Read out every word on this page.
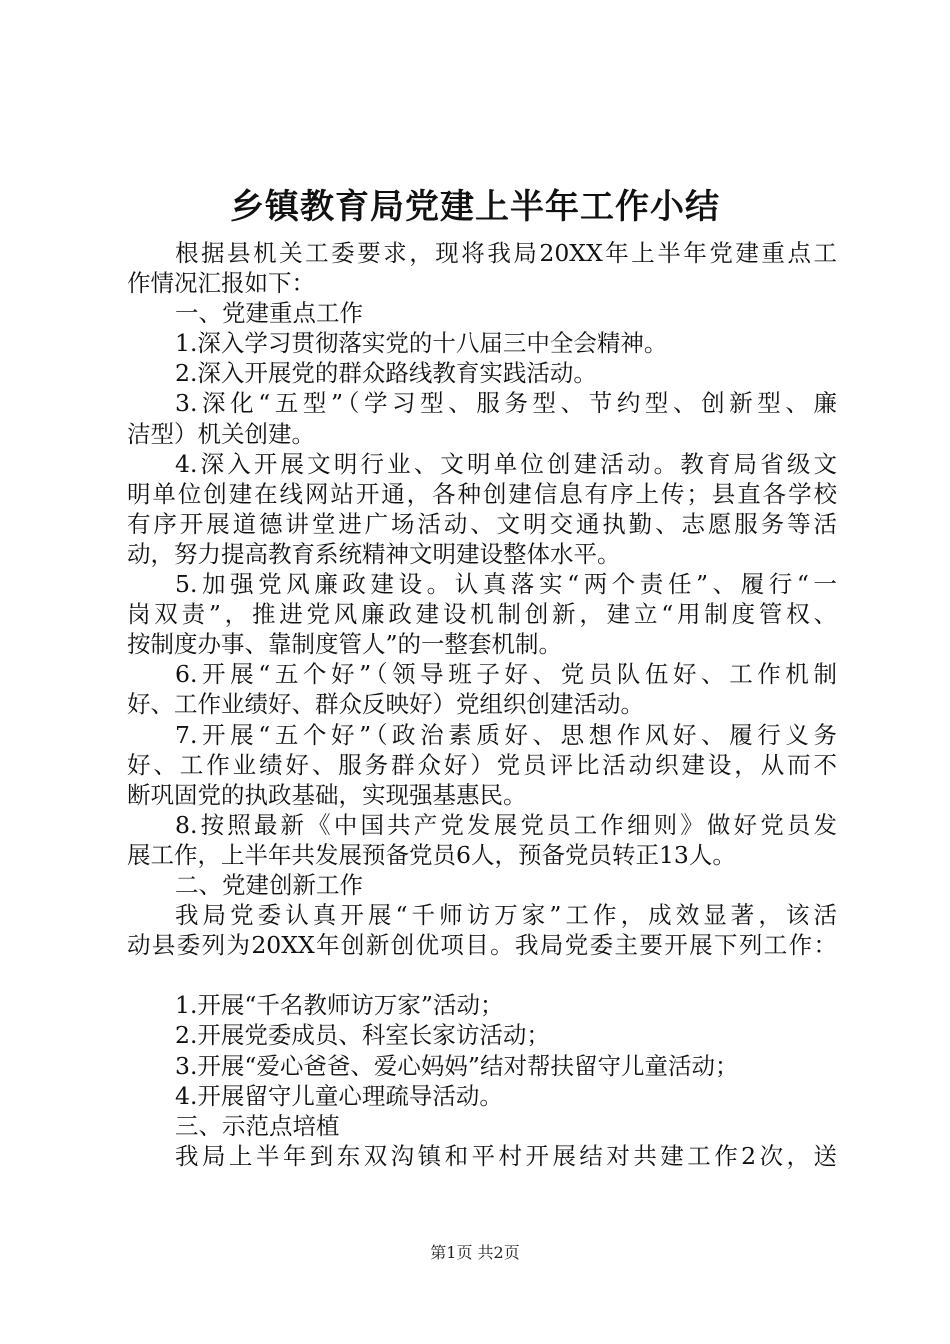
乡镇教育局党建上半年工作小结
根据县机关工委要求，现将我局20XX年上半年党建重点工
作情况汇报如下：
一、党建重点工作
1.深入学习贯彻落实党的十八届三中全会精神。
2.深入开展党的群众路线教育实践活动。
3.深化“五型”（学习型、服务型、节约型、创新型、廉
洁型）机关创建。
4.深入开展文明行业、文明单位创建活动。教育局省级文
明单位创建在线网站开通，各种创建信息有序上传；县直各学校
有序开展道德讲堂进广场活动、文明交通执勤、志愿服务等活
动，努力提高教育系统精神文明建设整体水平。
5.加强党风廉政建设。认真落实“两个责任”、履行“一
岗双责”，推进党风廉政建设机制创新，建立“用制度管权、
按制度办事、靠制度管人”的一整套机制。
6.开展“五个好”（领导班子好、党员队伍好、工作机制
好、工作业绩好、群众反映好）党组织创建活动。
7.开展“五个好”（政治素质好、思想作风好、履行义务
好、工作业绩好、服务群众好）党员评比活动织建设，从而不
断巩固党的执政基础，实现强基惠民。
8.按照最新《中国共产党发展党员工作细则》做好党员发
展工作，上半年共发展预备党员6人，预备党员转正13人。
二、党建创新工作
我局党委认真开展“千师访万家”工作，成效显著，该活
动县委列为20XX年创新创优项目。我局党委主要开展下列工作：
1.开展“千名教师访万家”活动；
2.开展党委成员、科室长家访活动；
3.开展“爱心爸爸、爱心妈妈”结对帮扶留守儿童活动；
4.开展留守儿童心理疏导活动。
三、示范点培植
我局上半年到东双沟镇和平村开展结对共建工作2次，送
第1页 共2页
